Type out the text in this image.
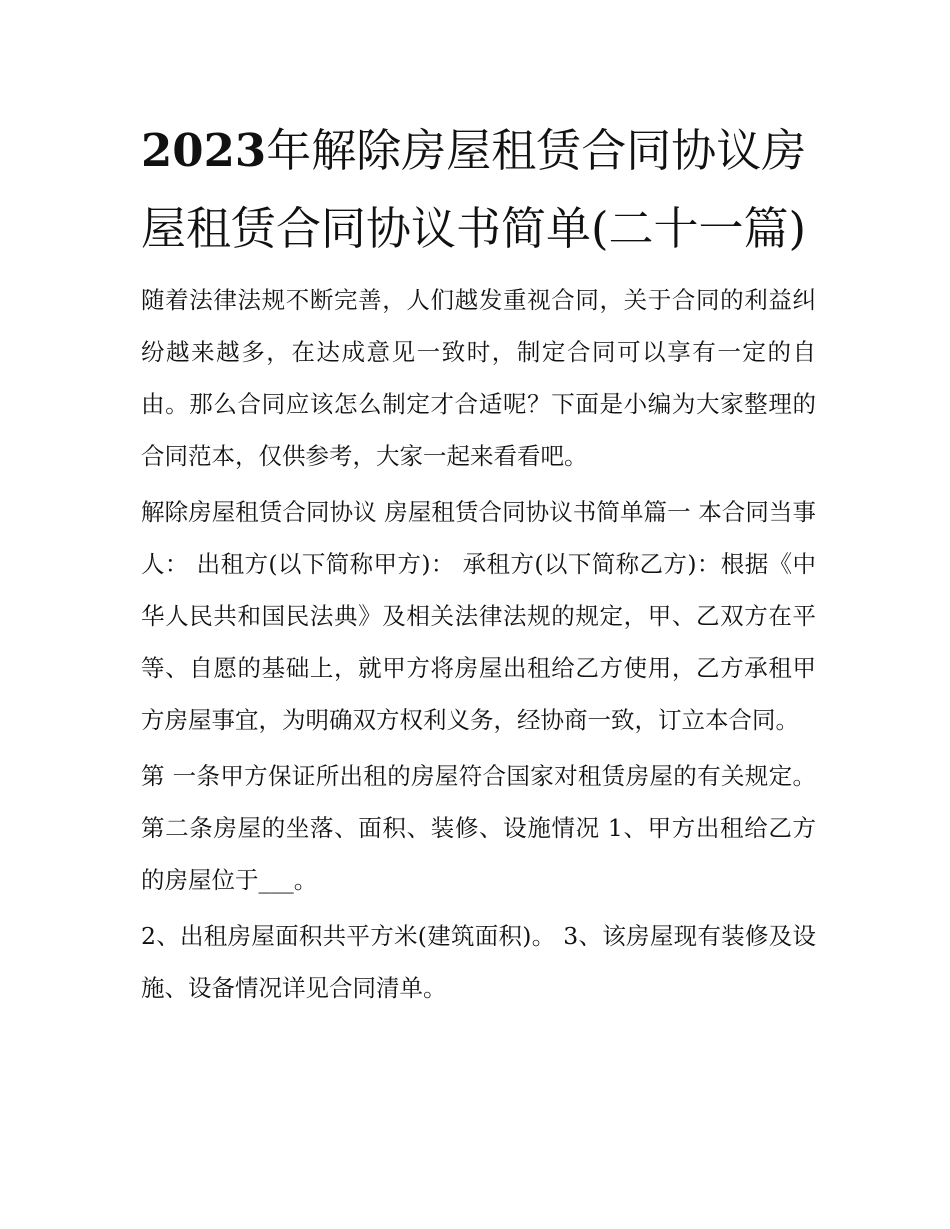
2023年解除房屋租赁合同协议房屋租赁合同协议书简单(二十一篇)

随着法律法规不断完善，人们越发重视合同，关于合同的利益纠纷越来越多，在达成意见一致时，制定合同可以享有一定的自由。那么合同应该怎么制定才合适呢？下面是小编为大家整理的合同范本，仅供参考，大家一起来看看吧。

解除房屋租赁合同协议 房屋租赁合同协议书简单篇一 本合同当事人： 出租方(以下简称甲方)： 承租方(以下简称乙方)：根据《中华人民共和国民法典》及相关法律法规的规定，甲、乙双方在平等、自愿的基础上，就甲方将房屋出租给乙方使用，乙方承租甲方房屋事宜，为明确双方权利义务，经协商一致，订立本合同。

第 一条甲方保证所出租的房屋符合国家对租赁房屋的有关规定。 第二条房屋的坐落、面积、装修、设施情况 1、甲方出租给乙方的房屋位于___。

2、出租房屋面积共平方米(建筑面积)。 3、该房屋现有装修及设施、设备情况详见合同清单。
